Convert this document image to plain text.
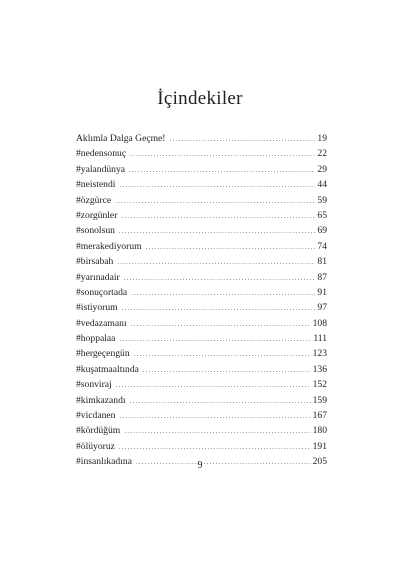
İçindekiler
Aklımla Dalga Geçme! .....	19
#nedensonuç .....	22
#yalandünya .....	29
#neistendi .....	44
#özgürce .....	59
#zorgünler .....	65
#sonolsun .....	69
#merakediyorum .....	74
#birsabah .....	81
#yarınadair .....	87
#sonuçortada .....	91
#istiyorum .....	97
#vedazamanı .....	108
#hoppalaa .....	111
#hergeçengün .....	123
#kuşatmaaltında .....	136
#sonviraj .....	152
#kimkazandı .....	159
#vicdanen .....	167
#kördüğüm .....	180
#ölüyoruz .....	191
#insanlıkadına .....	205
9
